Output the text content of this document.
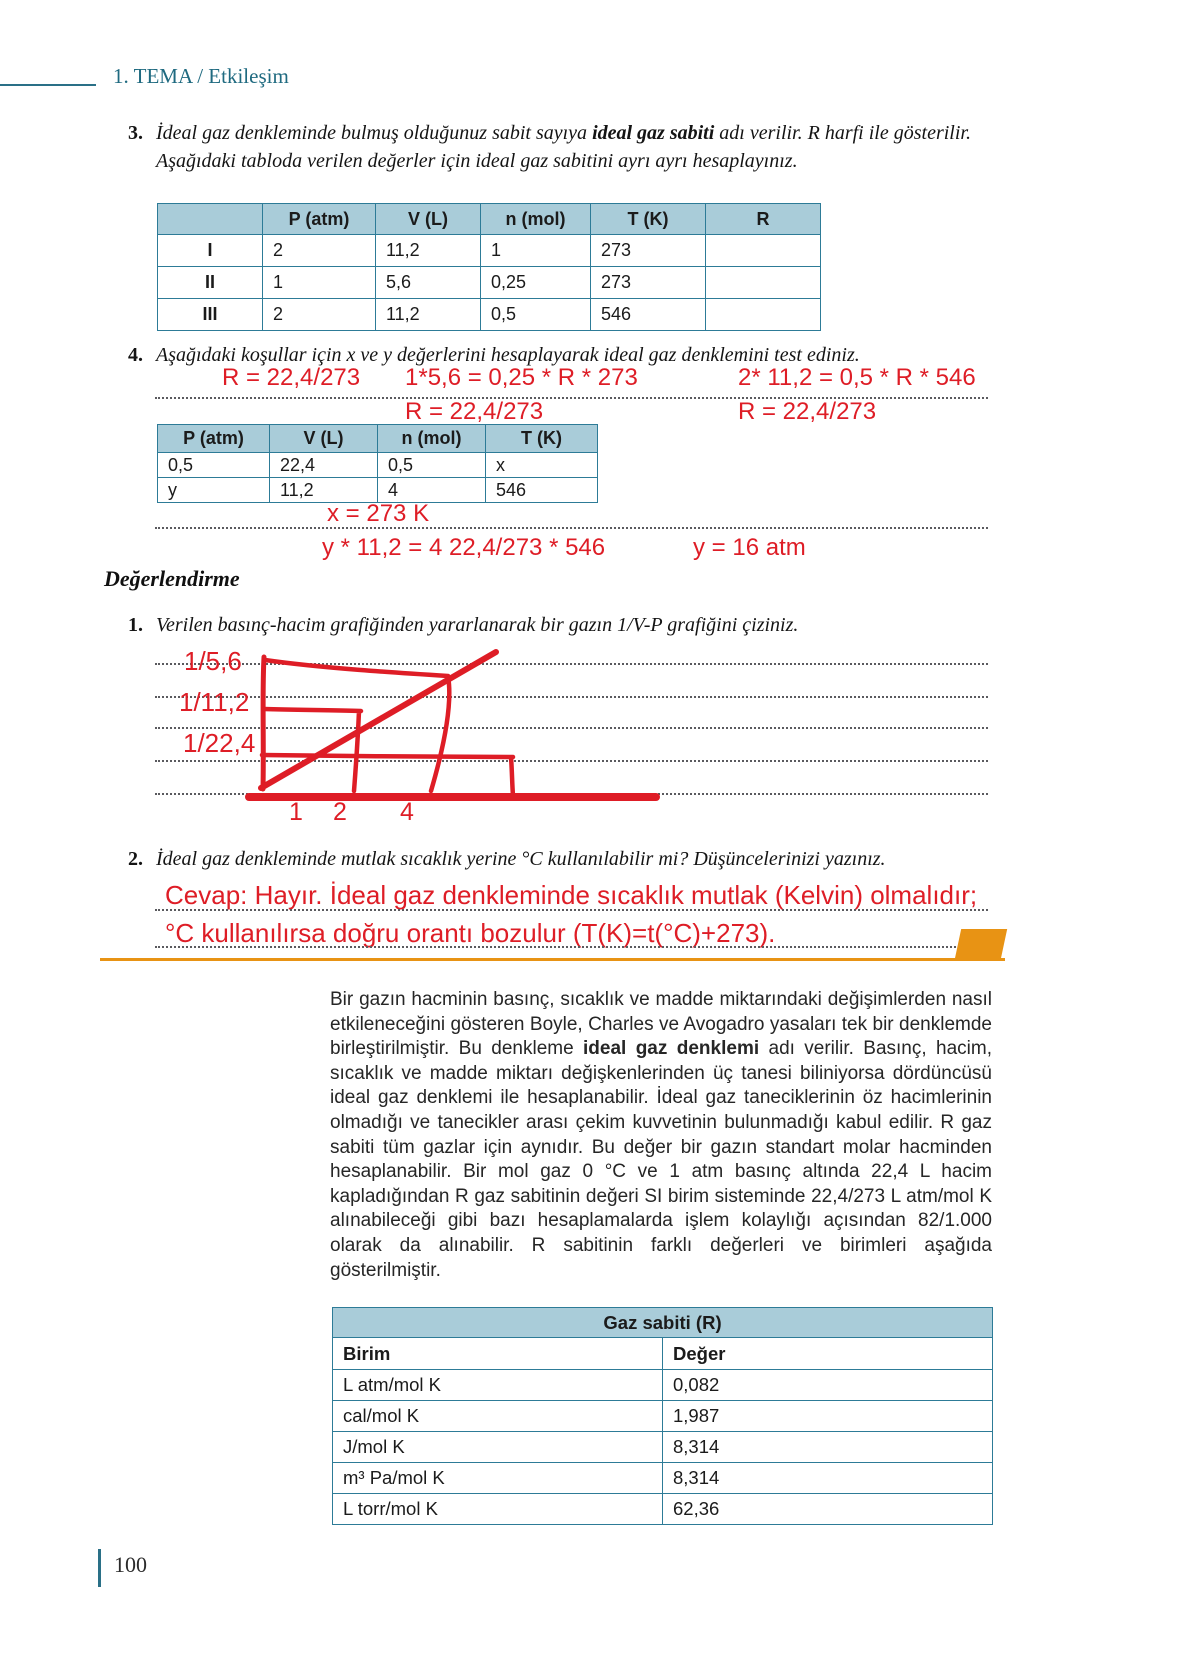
1. TEMA / Etkileşim
3. İdeal gaz denkleminde bulmuş olduğunuz sabit sayıya ideal gaz sabiti adı verilir. R harfi ile gösterilir.
Aşağıdaki tabloda verilen değerler için ideal gaz sabitini ayrı ayrı hesaplayınız.
	P (atm)	V (L)	n (mol)	T (K)	R
I	2	11,2	1	273	
II	1	5,6	0,25	273	
III	2	11,2	0,5	546	
4. Aşağıdaki koşullar için x ve y değerlerini hesaplayarak ideal gaz denklemini test ediniz.
R = 22,4/273 1*5,6 = 0,25 * R * 273	2* 11,2 = 0,5 * R * 546
R = 22,4/273	R = 22,4/273
P (atm)	V (L)	n (mol)	T (K)
0,5	22,4	0,5	x
y	11,2	4	546
x = 273 K
y * 11,2 = 4 22,4/273 * 546	y = 16 atm
Değerlendirme
1. Verilen basınç-hacim grafiğinden yararlanarak bir gazın 1/V-P grafiğini çiziniz.
1/5,6
1/11,2
1/22,4
1 2 4
2. İdeal gaz denkleminde mutlak sıcaklık yerine °C kullanılabilir mi? Düşüncelerinizi yazınız.
Cevap: Hayır. İdeal gaz denkleminde sıcaklık mutlak (Kelvin) olmalıdır;
°C kullanılırsa doğru orantı bozulur (T(K)=t(°C)+273).
Bir gazın hacminin basınç, sıcaklık ve madde miktarındaki değişimlerden nasıl etkileneceğini gösteren Boyle, Charles ve Avogadro yasaları tek bir denklemde birleştirilmiştir. Bu denkleme ideal gaz denklemi adı verilir. Basınç, hacim, sıcaklık ve madde miktarı değişkenlerinden üç tanesi biliniyorsa dördüncüsü ideal gaz denklemi ile hesaplanabilir. İdeal gaz taneciklerinin öz hacimlerinin olmadığı ve tanecikler arası çekim kuvvetinin bulunmadığı kabul edilir. R gaz sabiti tüm gazlar için aynıdır. Bu değer bir gazın standart molar hacminden hesaplanabilir. Bir mol gaz 0 °C ve 1 atm basınç altında 22,4 L hacim kapladığından R gaz sabitinin değeri SI birim sisteminde 22,4/273 L atm/mol K alınabileceği gibi bazı hesaplamalarda işlem kolaylığı açısından 82/1.000 olarak da alınabilir. R sabitinin farklı değerleri ve birimleri aşağıda gösterilmiştir.
Gaz sabiti (R)	
Birim	Değer
L atm/mol K	0,082
cal/mol K	1,987
J/mol K	8,314
m³ Pa/mol K	8,314
L torr/mol K	62,36
100
